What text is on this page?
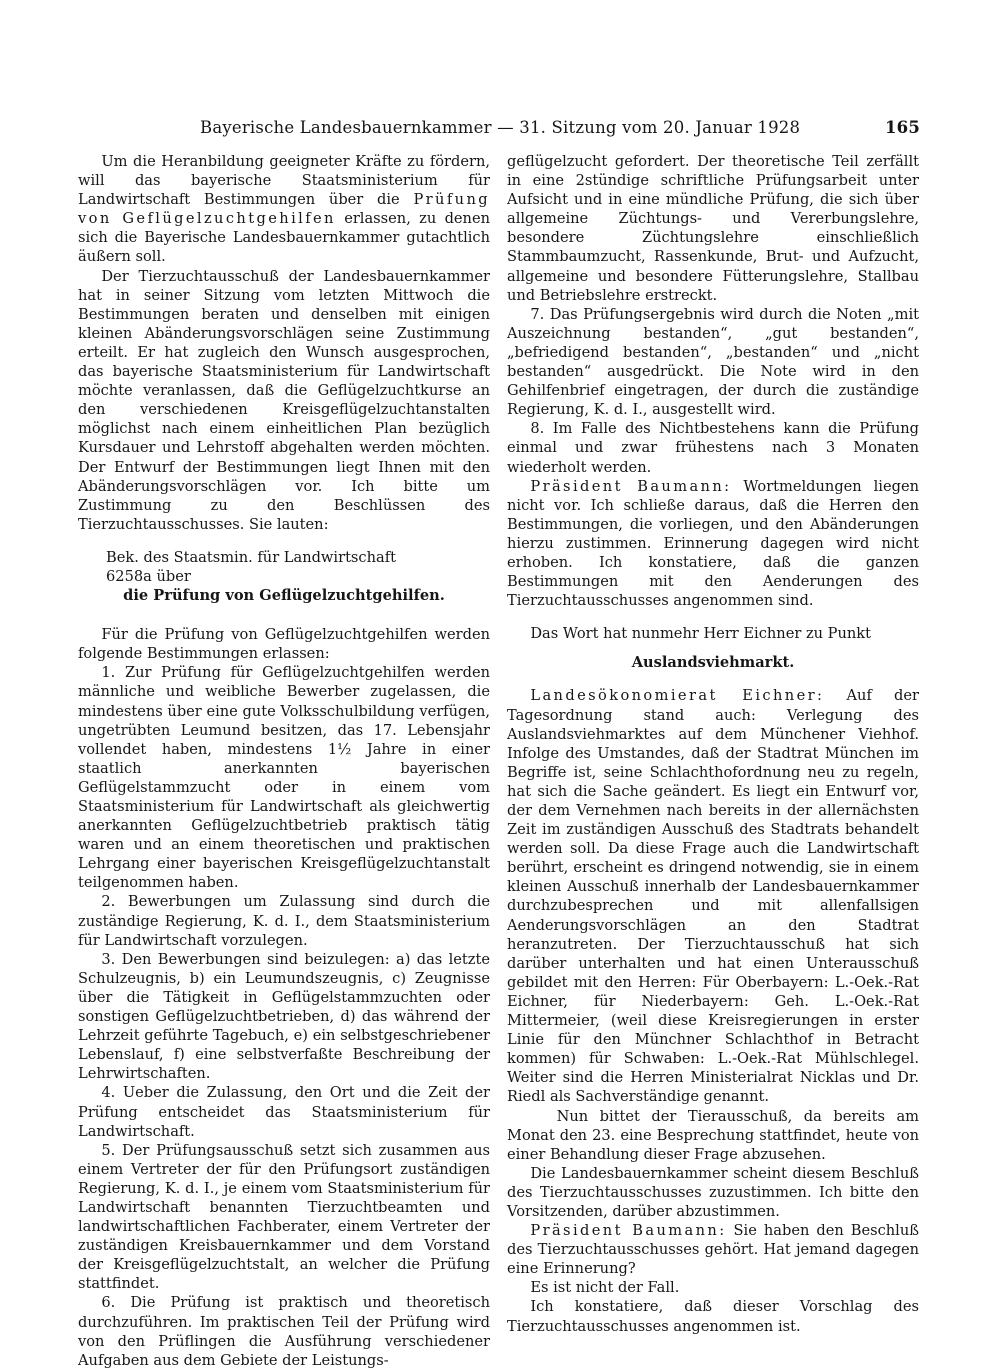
Bayerische Landesbauernkammer — 31. Sitzung vom 20. Januar 1928	165

Um die Heranbildung geeigneter Kräfte zu fördern, will das bayerische Staatsministerium für Landwirtschaft Bestimmungen über die Prüfung von Geflügelzuchtgehilfen erlassen, zu denen sich die Bayerische Landesbauernkammer gutachtlich äußern soll.

Der Tierzuchtausschuß der Landesbauernkammer hat in seiner Sitzung vom letzten Mittwoch die Bestimmungen beraten und denselben mit einigen kleinen Abänderungsvorschlägen seine Zustimmung erteilt. Er hat zugleich den Wunsch ausgesprochen, das bayerische Staatsministerium für Landwirtschaft möchte veranlassen, daß die Geflügelzuchtkurse an den verschiedenen Kreisgeflügelzuchtanstalten möglichst nach einem einheitlichen Plan bezüglich Kursdauer und Lehrstoff abgehalten werden möchten. Der Entwurf der Bestimmungen liegt Ihnen mit den Abänderungsvorschlägen vor. Ich bitte um Zustimmung zu den Beschlüssen des Tierzuchtausschusses. Sie lauten:

Bek. des Staatsmin. für Landwirtschaft

6258a über

die Prüfung von Geflügelzuchtgehilfen.

Für die Prüfung von Geflügelzuchtgehilfen werden folgende Bestimmungen erlassen:

1. Zur Prüfung für Geflügelzuchtgehilfen werden männliche und weibliche Bewerber zugelassen, die mindestens über eine gute Volksschulbildung verfügen, ungetrübten Leumund besitzen, das 17. Lebensjahr vollendet haben, mindestens 1½ Jahre in einer staatlich anerkannten bayerischen Geflügelstammzucht oder in einem vom Staatsministerium für Landwirtschaft als gleichwertig anerkannten Geflügelzuchtbetrieb praktisch tätig waren und an einem theoretischen und praktischen Lehrgang einer bayerischen Kreisgeflügelzuchtanstalt teilgenommen haben.

2. Bewerbungen um Zulassung sind durch die zuständige Regierung, K. d. I., dem Staatsministerium für Landwirtschaft vorzulegen.

3. Den Bewerbungen sind beizulegen: a) das letzte Schulzeugnis, b) ein Leumundszeugnis, c) Zeugnisse über die Tätigkeit in Geflügelstammzuchten oder sonstigen Geflügelzuchtbetrieben, d) das während der Lehrzeit geführte Tagebuch, e) ein selbstgeschriebener Lebenslauf, f) eine selbstverfaßte Beschreibung der Lehrwirtschaften.

4. Ueber die Zulassung, den Ort und die Zeit der Prüfung entscheidet das Staatsministerium für Landwirtschaft.

5. Der Prüfungsausschuß setzt sich zusammen aus einem Vertreter der für den Prüfungsort zuständigen Regierung, K. d. I., je einem vom Staatsministerium für Landwirtschaft benannten Tierzuchtbeamten und landwirtschaftlichen Fachberater, einem Vertreter der zuständigen Kreisbauernkammer und dem Vorstand der Kreisgeflügelzuchtstalt, an welcher die Prüfung stattfindet.

6. Die Prüfung ist praktisch und theoretisch durchzuführen. Im praktischen Teil der Prüfung wird von den Prüflingen die Ausführung verschiedener Aufgaben aus dem Gebiete der Leistungs-

geflügelzucht gefordert. Der theoretische Teil zerfällt in eine 2stündige schriftliche Prüfungsarbeit unter Aufsicht und in eine mündliche Prüfung, die sich über allgemeine Züchtungs- und Vererbungslehre, besondere Züchtungslehre einschließlich Stammbaumzucht, Rassenkunde, Brut- und Aufzucht, allgemeine und besondere Fütterungslehre, Stallbau und Betriebslehre erstreckt.

7. Das Prüfungsergebnis wird durch die Noten „mit Auszeichnung bestanden“, „gut bestanden“, „befriedigend bestanden“, „bestanden“ und „nicht bestanden“ ausgedrückt. Die Note wird in den Gehilfenbrief eingetragen, der durch die zuständige Regierung, K. d. I., ausgestellt wird.

8. Im Falle des Nichtbestehens kann die Prüfung einmal und zwar frühestens nach 3 Monaten wiederholt werden.

Präsident Baumann: Wortmeldungen liegen nicht vor. Ich schließe daraus, daß die Herren den Bestimmungen, die vorliegen, und den Abänderungen hierzu zustimmen. Erinnerung dagegen wird nicht erhoben. Ich konstatiere, daß die ganzen Bestimmungen mit den Aenderungen des Tierzuchtausschusses angenommen sind.

Das Wort hat nunmehr Herr Eichner zu Punkt

Auslandsviehmarkt.

Landesökonomierat Eichner: Auf der Tagesordnung stand auch: Verlegung des Auslandsviehmarktes auf dem Münchener Viehhof. Infolge des Umstandes, daß der Stadtrat München im Begriffe ist, seine Schlachthofordnung neu zu regeln, hat sich die Sache geändert. Es liegt ein Entwurf vor, der dem Vernehmen nach bereits in der allernächsten Zeit im zuständigen Ausschuß des Stadtrats behandelt werden soll. Da diese Frage auch die Landwirtschaft berührt, erscheint es dringend notwendig, sie in einem kleinen Ausschuß innerhalb der Landesbauernkammer durchzubesprechen und mit allenfallsigen Aenderungsvorschlägen an den Stadtrat heranzutreten. Der Tierzuchtausschuß hat sich darüber unterhalten und hat einen Unterausschuß gebildet mit den Herren: Für Oberbayern: L.-Oek.-Rat Eichner, für Niederbayern: Geh. L.-Oek.-Rat Mittermeier, (weil diese Kreisregierungen in erster Linie für den Münchner Schlachthof in Betracht kommen) für Schwaben: L.-Oek.-Rat Mühlschlegel. Weiter sind die Herren Ministerialrat Nicklas und Dr. Riedl als Sachverständige genannt.

Nun bittet der Tierausschuß, da bereits am Monat den 23. eine Besprechung stattfindet, heute von einer Behandlung dieser Frage abzusehen.

Die Landesbauernkammer scheint diesem Beschluß des Tierzuchtausschusses zuzustimmen. Ich bitte den Vorsitzenden, darüber abzustimmen.

Präsident Baumann: Sie haben den Beschluß des Tierzuchtausschusses gehört. Hat jemand dagegen eine Erinnerung?

Es ist nicht der Fall.

Ich konstatiere, daß dieser Vorschlag des Tierzuchtausschusses angenommen ist.
